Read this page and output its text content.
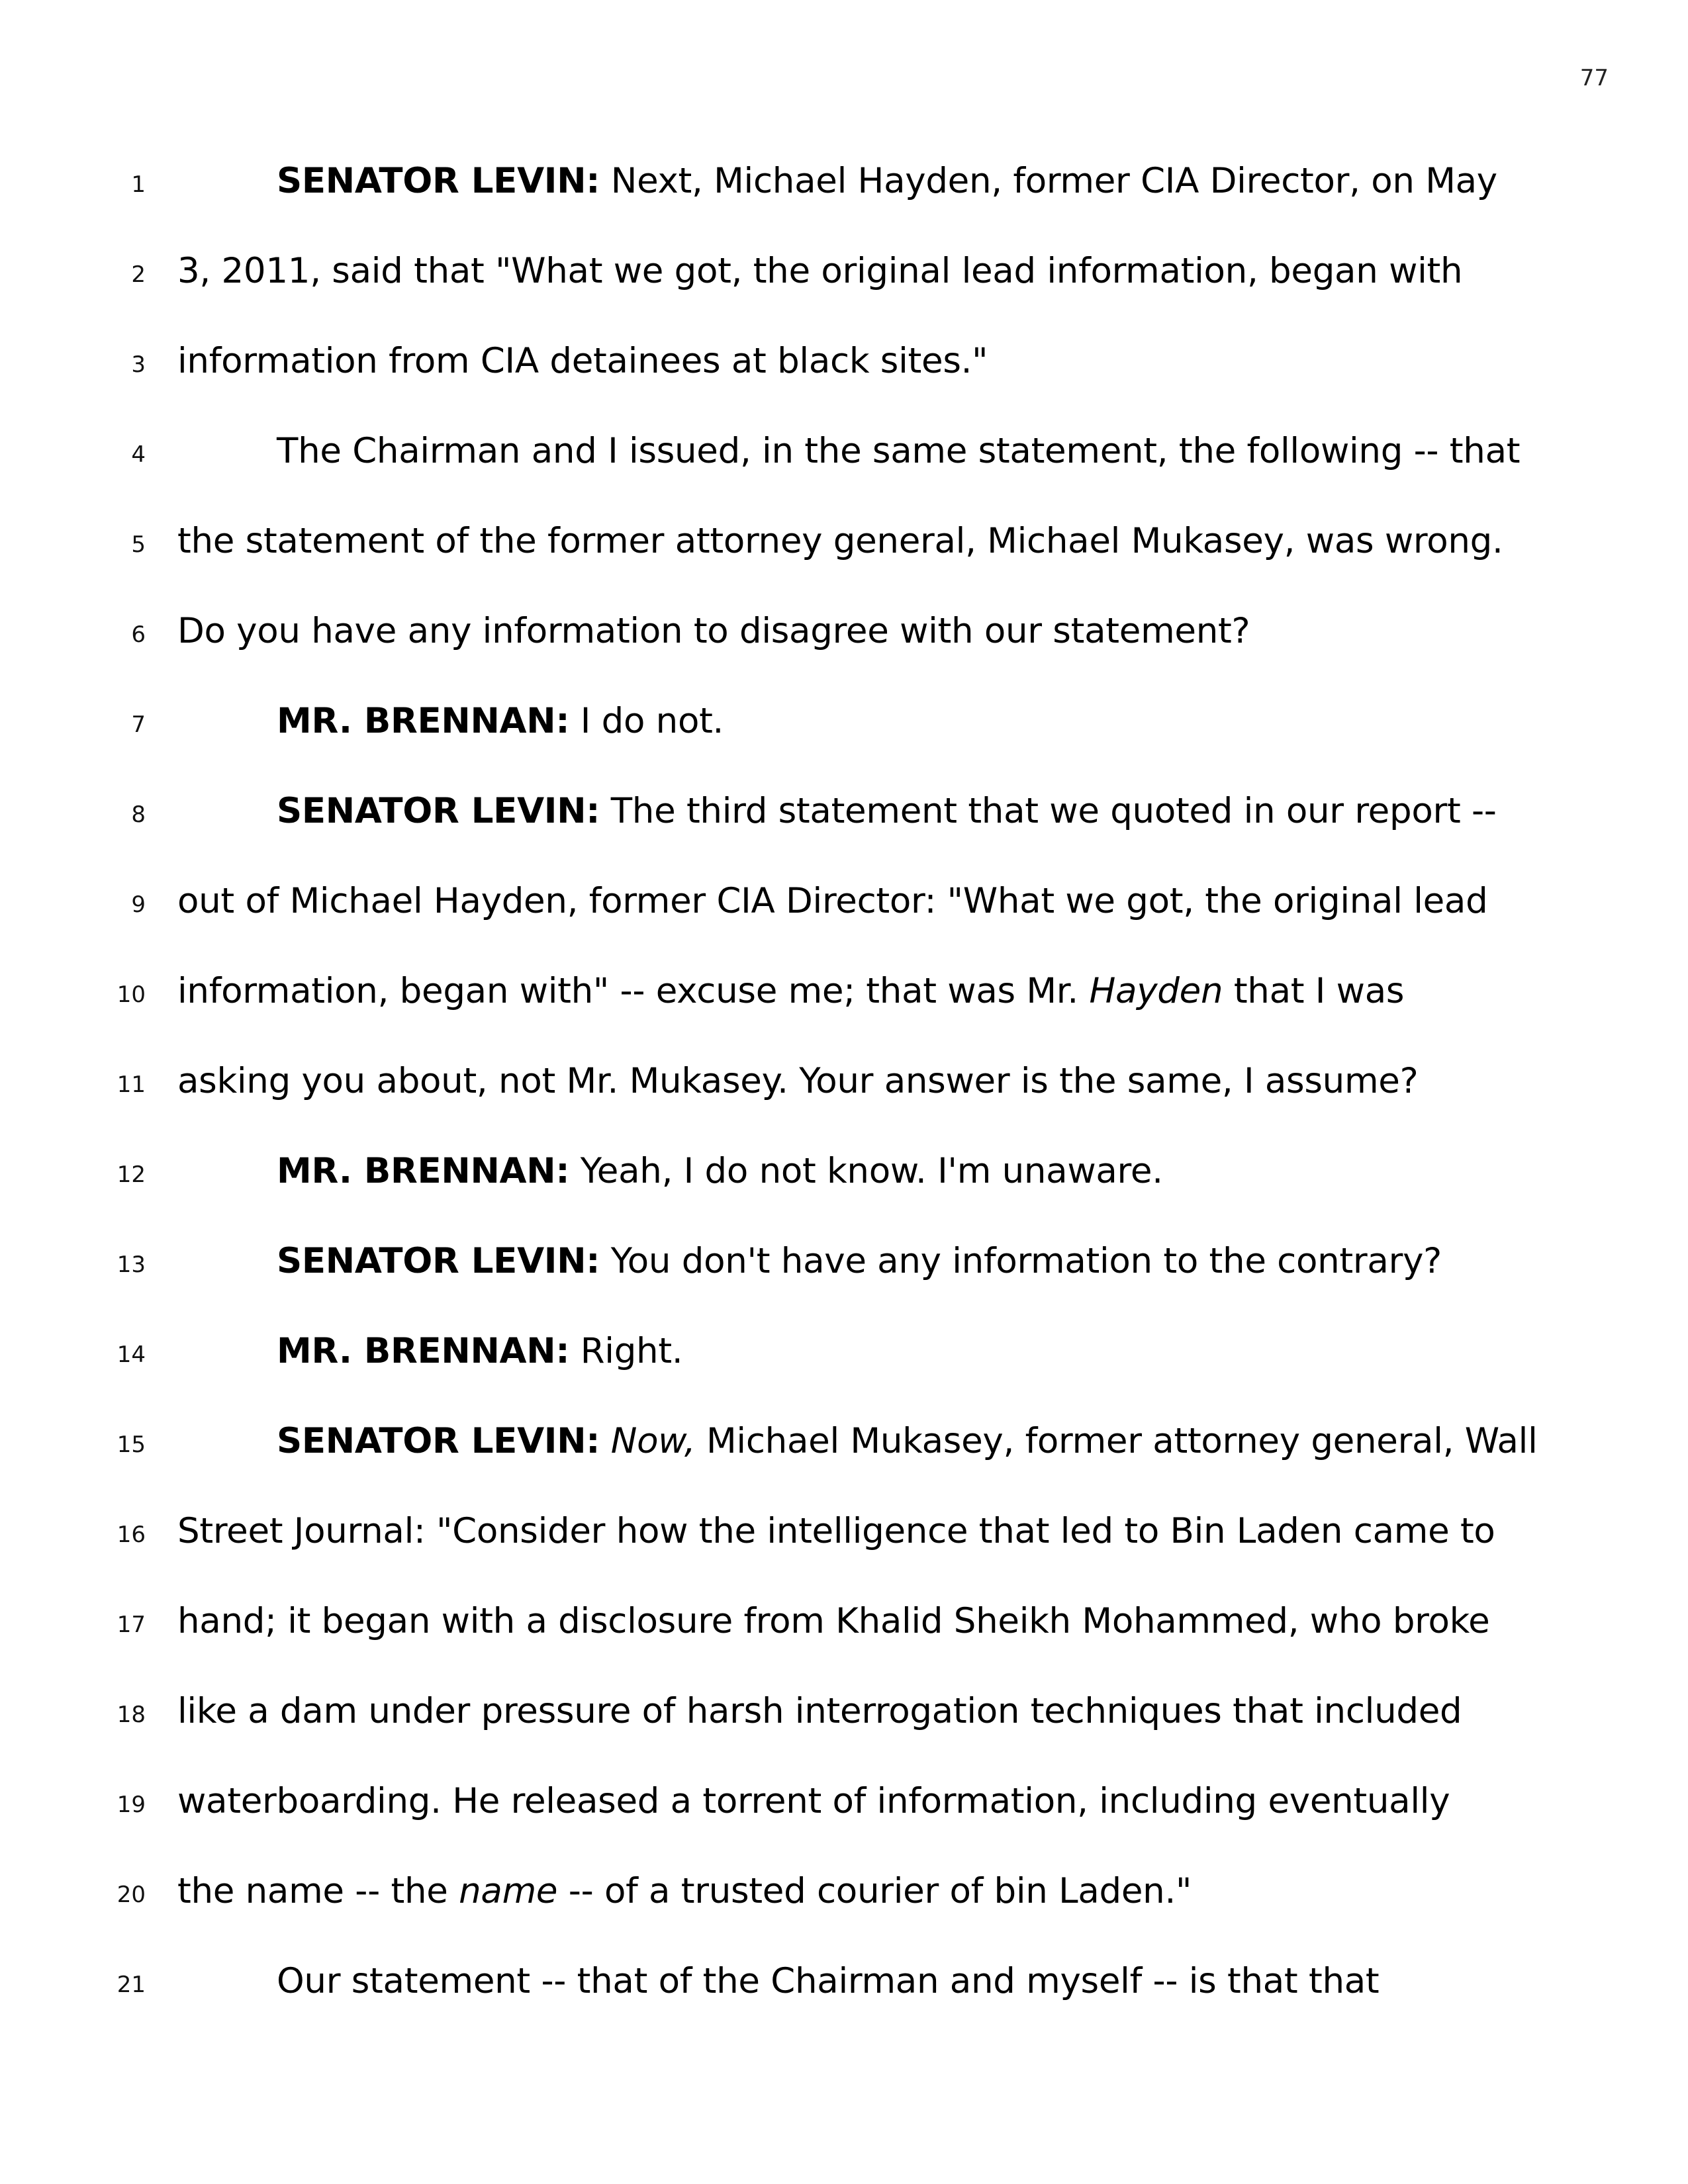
77
1	SENATOR LEVIN: Next, Michael Hayden, former CIA Director, on May
2 3, 2011, said that "What we got, the original lead information, began with
3 information from CIA detainees at black sites."
4	The Chairman and I issued, in the same statement, the following -- that
5 the statement of the former attorney general, Michael Mukasey, was wrong.
6 Do you have any information to disagree with our statement?
7	MR. BRENNAN: I do not.
8	SENATOR LEVIN: The third statement that we quoted in our report --
9 out of Michael Hayden, former CIA Director: "What we got, the original lead
10 information, began with" -- excuse me; that was Mr. Hayden that I was
11 asking you about, not Mr. Mukasey. Your answer is the same, I assume?
12	MR. BRENNAN: Yeah, I do not know. I'm unaware.
13	SENATOR LEVIN: You don't have any information to the contrary?
14	MR. BRENNAN: Right.
15	SENATOR LEVIN: Now, Michael Mukasey, former attorney general, Wall
16 Street Journal: "Consider how the intelligence that led to Bin Laden came to
17 hand; it began with a disclosure from Khalid Sheikh Mohammed, who broke
18 like a dam under pressure of harsh interrogation techniques that included
19 waterboarding. He released a torrent of information, including eventually
20 the name -- the name -- of a trusted courier of bin Laden."
21	Our statement -- that of the Chairman and myself -- is that that
